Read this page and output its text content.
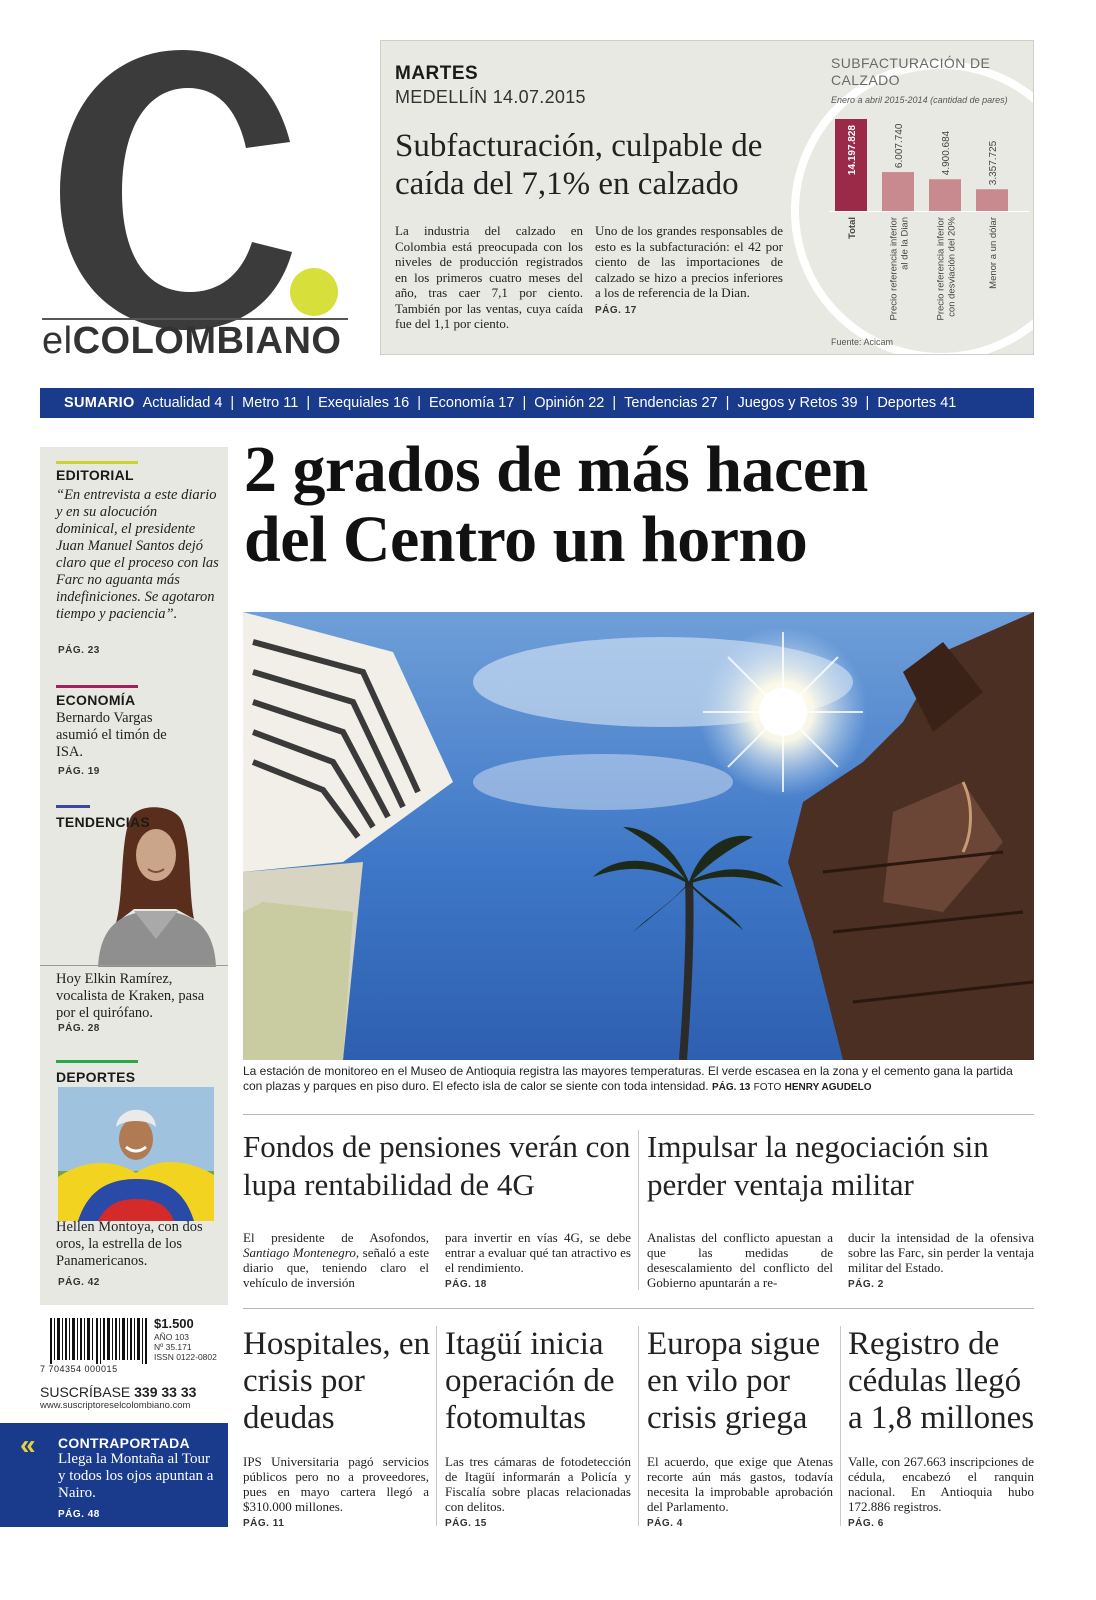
elCOLOMBIANO
MARTES
MEDELLÍN 14.07.2015
Subfacturación, culpable de caída del 7,1% en calzado
La industria del calzado en Colombia está preocupada con los niveles de producción registrados en los primeros cuatro meses del año, tras caer 7,1 por ciento. También por las ventas, cuya caída fue del 1,1 por ciento.
Uno de los grandes responsables de esto es la subfacturación: el 42 por ciento de las importaciones de calzado se hizo a precios inferiores a los de referencia de la Dian.
PÁG. 17
SUBFACTURACIÓN DE CALZADO
Enero a abril 2015-2014 (cantidad de pares)
14.197.828
Total
6.007.740
Precio referencia inferior al de la Dian
4.900.684
Precio referencia inferior con desviación del 20%
3.357.725
Menor a un dólar
Fuente: Acicam
SUMARIO Actualidad 4 | Metro 11 | Exequiales 16 | Economía 17 | Opinión 22 | Tendencias 27 | Juegos y Retos 39 | Deportes 41
EDITORIAL
“En entrevista a este diario y en su alocución dominical, el presidente Juan Manuel Santos dejó claro que el proceso con las Farc no aguanta más indefiniciones. Se agotaron tiempo y paciencia”.
PÁG. 23
ECONOMÍA
Bernardo Vargas asumió el timón de ISA.
PÁG. 19
TENDENCIAS
Hoy Elkin Ramírez, vocalista de Kraken, pasa por el quirófano.
PÁG. 28
DEPORTES
Hellen Montoya, con dos oros, la estrella de los Panamericanos.
PÁG. 42
7 704354 000015
$1.500
AÑO 103
Nº 35.171
ISSN 0122-0802
SUSCRÍBASE 339 33 33
www.suscriptoreselcolombiano.com
« CONTRAPORTADA
Llega la Montaña al Tour y todos los ojos apuntan a Nairo.
PÁG. 48
2 grados de más hacen
del Centro un horno
La estación de monitoreo en el Museo de Antioquia registra las mayores temperaturas. El verde escasea en la zona y el cemento gana la partida con plazas y parques en piso duro. El efecto isla de calor se siente con toda intensidad. PÁG. 13 FOTO HENRY AGUDELO
Fondos de pensiones verán con lupa rentabilidad de 4G
El presidente de Asofondos, Santiago Montenegro, señaló a este diario que, teniendo claro el vehículo de inversión
para invertir en vías 4G, se debe entrar a evaluar qué tan atractivo es el rendimiento.
PÁG. 18
Impulsar la negociación sin perder ventaja militar
Analistas del conflicto apuestan a que las medidas de desescalamiento del conflicto del Gobierno apuntarán a re-
ducir la intensidad de la ofensiva sobre las Farc, sin perder la ventaja militar del Estado.
PÁG. 2
Hospitales, en crisis por deudas
IPS Universitaria pagó servicios públicos pero no a proveedores, pues en mayo cartera llegó a $310.000 millones.
PÁG. 11
Itagüí inicia operación de fotomultas
Las tres cámaras de fotodetección de Itagüí informarán a Policía y Fiscalía sobre placas relacionadas con delitos.
PÁG. 15
Europa sigue en vilo por crisis griega
El acuerdo, que exige que Atenas recorte aún más gastos, todavía necesita la improbable aprobación del Parlamento.
PÁG. 4
Registro de cédulas llegó a 1,8 millones
Valle, con 267.663 inscripciones de cédula, encabezó el ranquin nacional. En Antioquia hubo 172.886 registros.
PÁG. 6
